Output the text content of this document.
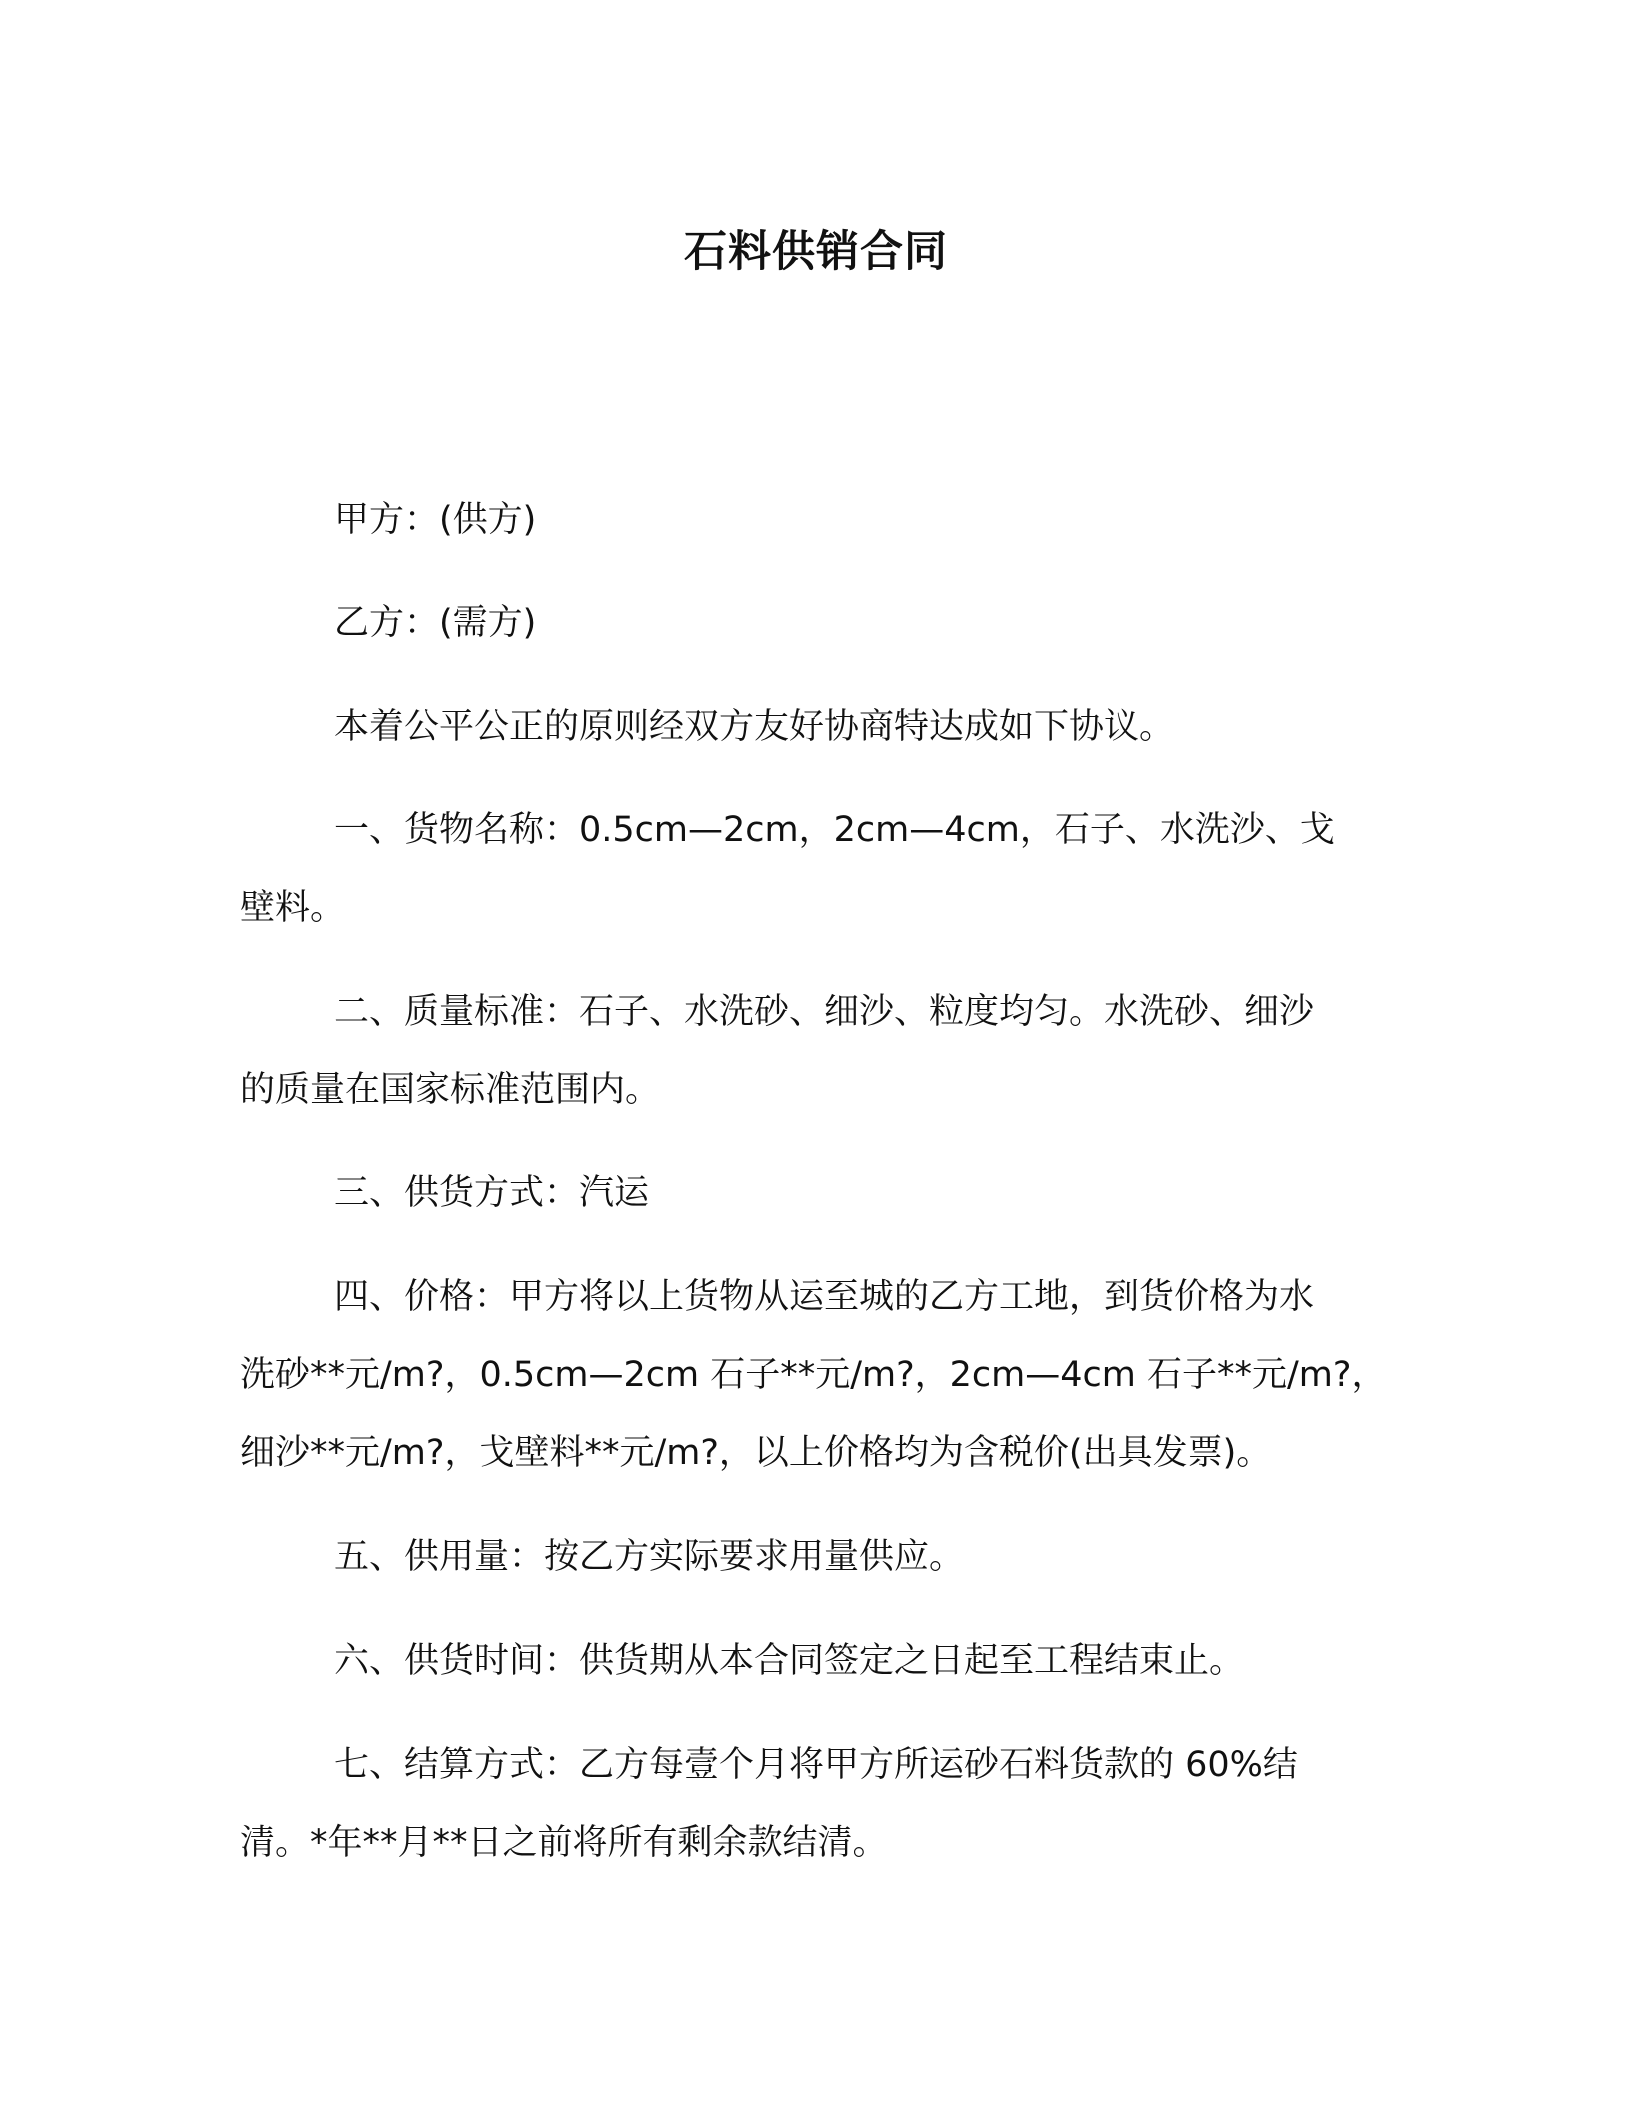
石料供销合同
甲方：(供方)
乙方：(需方)
本着公平公正的原则经双方友好协商特达成如下协议。
一、货物名称：0.5cm—2cm，2cm—4cm，石子、水洗沙、戈
壁料。
二、质量标准：石子、水洗砂、细沙、粒度均匀。水洗砂、细沙
的质量在国家标准范围内。
三、供货方式：汽运
四、价格：甲方将以上货物从运至城的乙方工地，到货价格为水
洗砂**元/m?，0.5cm—2cm 石子**元/m?，2cm—4cm 石子**元/m?，
细沙**元/m?，戈壁料**元/m?，以上价格均为含税价(出具发票)。
五、供用量：按乙方实际要求用量供应。
六、供货时间：供货期从本合同签定之日起至工程结束止。
七、结算方式：乙方每壹个月将甲方所运砂石料货款的 60%结
清。*年**月**日之前将所有剩余款结清。
